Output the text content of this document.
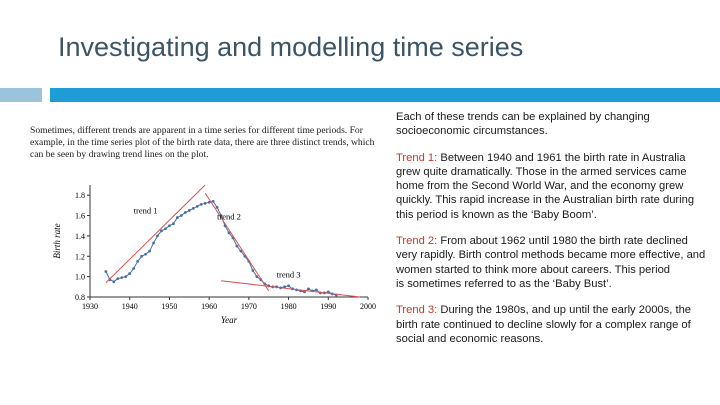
Investigating and modelling time series
Sometimes, different trends are apparent in a time series for different time periods. For example, in the time series plot of the birth rate data, there are three distinct trends, which can be seen by drawing trend lines on the plot.
1930	1940	1950	1960	1970	1980	1990	2000
0.8
1.0
1.2
1.4
1.6
1.8
Year
Birth rate
trend 1
trend 2
trend 3

Each of these trends can be explained by changing socioeconomic circumstances.

Trend 1: Between 1940 and 1961 the birth rate in Australia grew quite dramatically. Those in the armed services came home from the Second World War, and the economy grew quickly. This rapid increase in the Australian birth rate during this period is known as the ‘Baby Boom’.

Trend 2: From about 1962 until 1980 the birth rate declined very rapidly. Birth control methods became more effective, and women started to think more about careers. This period
is sometimes referred to as the ‘Baby Bust’.

Trend 3: During the 1980s, and up until the early 2000s, the birth rate continued to decline slowly for a complex range of social and economic reasons.
